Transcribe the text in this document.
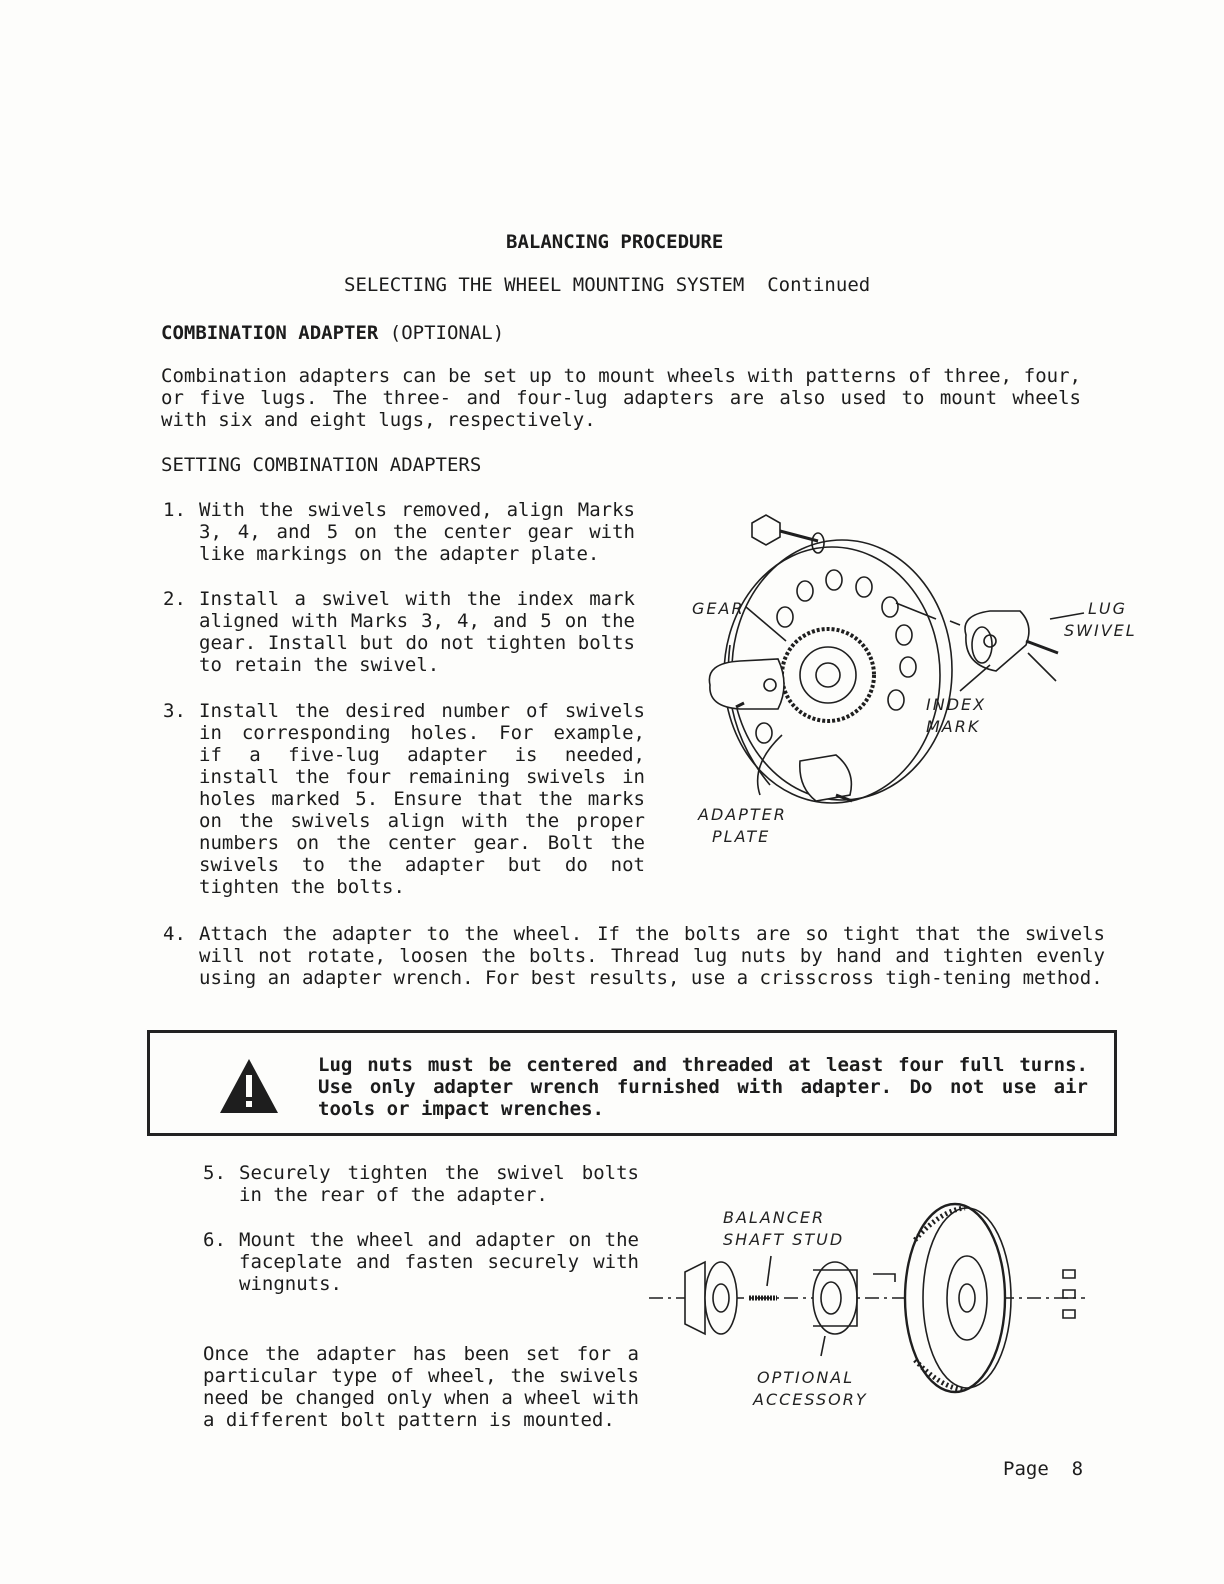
BALANCING PROCEDURE
SELECTING THE WHEEL MOUNTING SYSTEM  Continued
COMBINATION ADAPTER (OPTIONAL)
Combination adapters can be set up to mount wheels with patterns of three, four, or five lugs. The three- and four-lug adapters are also used to mount wheels with six and eight lugs, respectively.
SETTING COMBINATION ADAPTERS
1. With the swivels removed, align Marks 3, 4, and 5 on the center gear with like markings on the adapter plate.
2. Install a swivel with the index mark aligned with Marks 3, 4, and 5 on the gear. Install but do not tighten bolts to retain the swivel.
3. Install the desired number of swivels in corresponding holes. For example, if a five-lug adapter is needed, install the four remaining swivels in holes marked 5. Ensure that the marks on the swivels align with the proper numbers on the center gear. Bolt the swivels to the adapter but do not tighten the bolts.
4. Attach the adapter to the wheel. If the bolts are so tight that the swivels will not rotate, loosen the bolts. Thread lug nuts by hand and tighten evenly using an adapter wrench. For best results, use a crisscross tigh-tening method.
Lug nuts must be centered and threaded at least four full turns. Use only adapter wrench furnished with adapter. Do not use air tools or impact wrenches.
5. Securely tighten the swivel bolts in the rear of the adapter.
6. Mount the wheel and adapter on the faceplate and fasten securely with wingnuts.
Once the adapter has been set for a particular type of wheel, the swivels need be changed only when a wheel with a different bolt pattern is mounted.
GEAR	LUG
SWIVEL
INDEX
MARK
ADAPTER
PLATE
BALANCER
SHAFT STUD
OPTIONAL
ACCESSORY
Page  8
